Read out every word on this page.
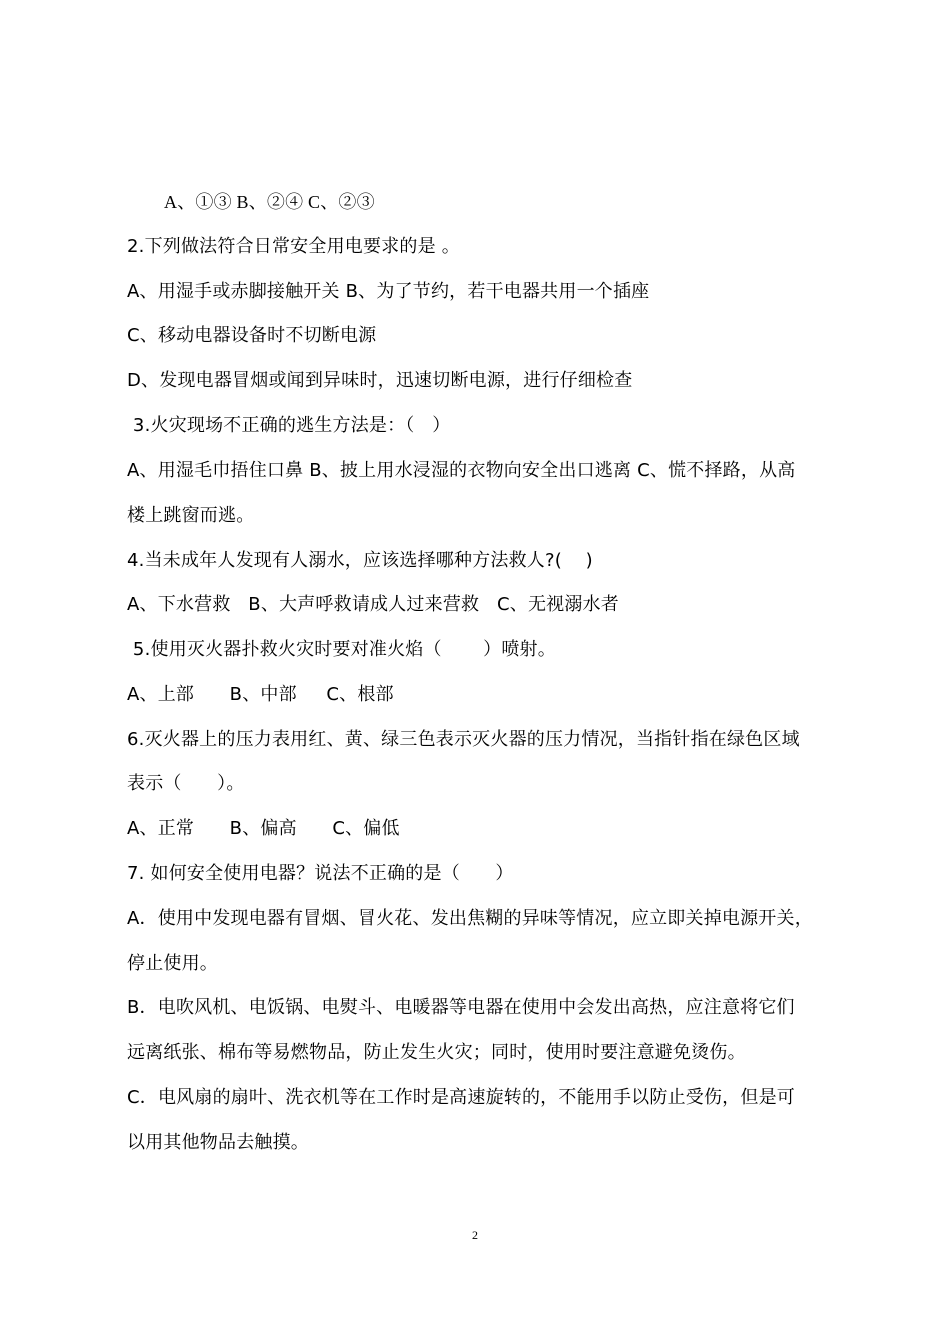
A、①③ B、②④ C、②③
2.下列做法符合日常安全用电要求的是 。
A、用湿手或赤脚接触开关 B、为了节约，若干电器共用一个插座
C、移动电器设备时不切断电源
D、发现电器冒烟或闻到异味时，迅速切断电源，进行仔细检查
3.火灾现场不正确的逃生方法是：（   ）
A、用湿毛巾捂住口鼻 B、披上用水浸湿的衣物向安全出口逃离 C、慌不择路，从高
楼上跳窗而逃。
4.当未成年人发现有人溺水，应该选择哪种方法救人?(    )
A、下水营救   B、大声呼救请成人过来营救   C、无视溺水者
5.使用灭火器扑救火灾时要对准火焰（       ）喷射。
A、上部      B、中部     C、根部
6.灭火器上的压力表用红、黄、绿三色表示灭火器的压力情况，当指针指在绿色区域
表示（      ）。
A、正常      B、偏高      C、偏低
7. 如何安全使用电器？说法不正确的是（      ）
A．使用中发现电器有冒烟、冒火花、发出焦糊的异味等情况，应立即关掉电源开关，
停止使用。
B．电吹风机、电饭锅、电熨斗、电暖器等电器在使用中会发出高热，应注意将它们
远离纸张、棉布等易燃物品，防止发生火灾；同时，使用时要注意避免烫伤。
C．电风扇的扇叶、洗衣机等在工作时是高速旋转的，不能用手以防止受伤，但是可
以用其他物品去触摸。
2
